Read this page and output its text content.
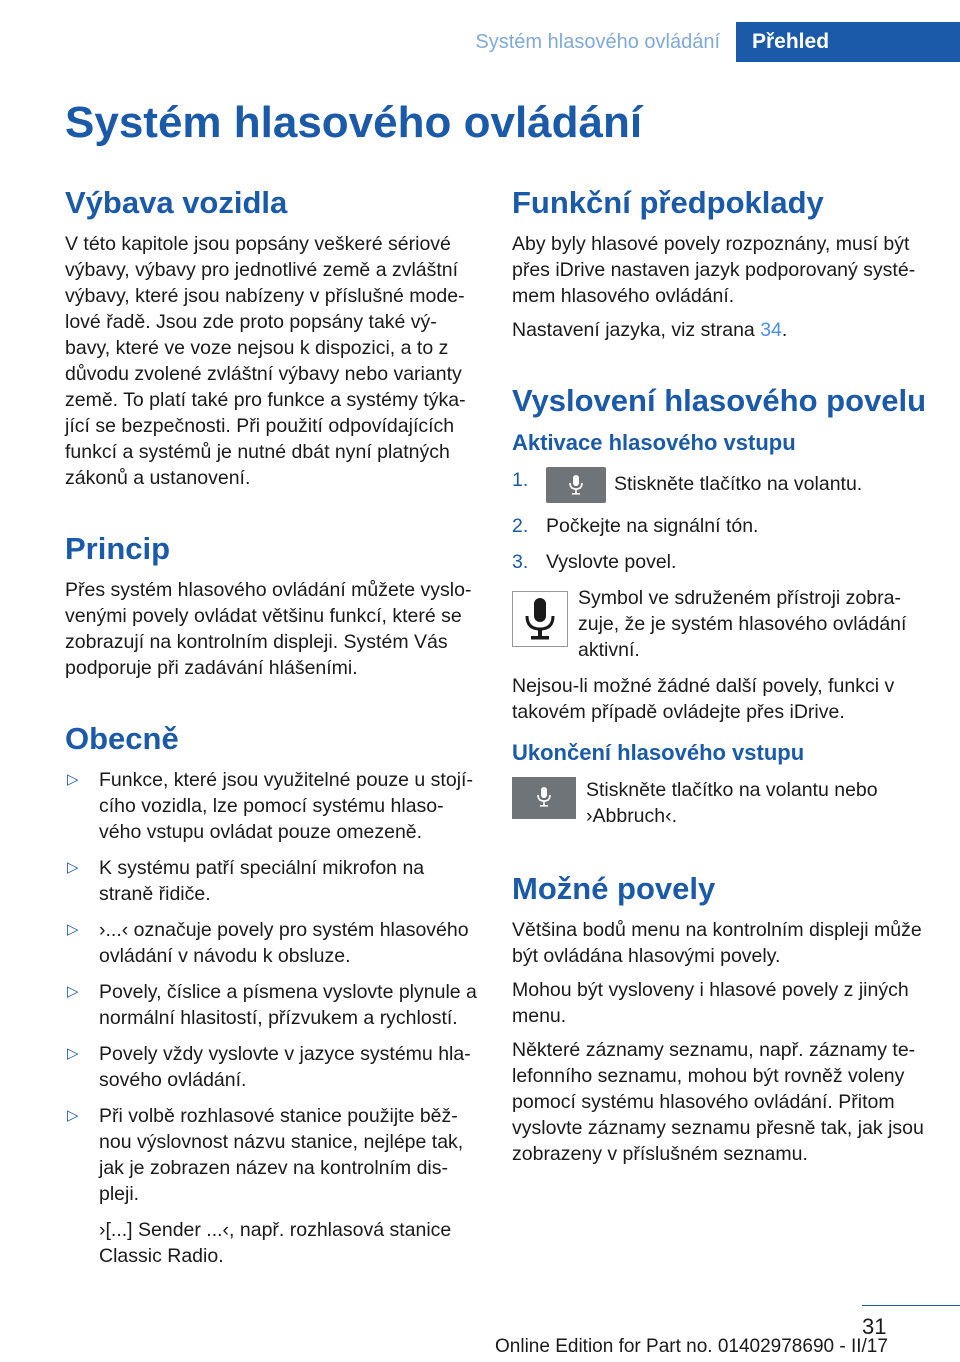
Systém hlasového ovládání	Přehled
Systém hlasového ovládání
Výbava vozidla

V této kapitole jsou popsány veškeré sériové výbavy, výbavy pro jednotlivé země a zvláštní výbavy, které jsou nabízeny v příslušné mode‐lové řadě. Jsou zde proto popsány také vý‐bavy, které ve voze nejsou k dispozici, a to z důvodu zvolené zvláštní výbavy nebo varianty země. To platí také pro funkce a systémy týka‐jící se bezpečnosti. Při použití odpovídajících funkcí a systémů je nutné dbát nyní platných zákonů a ustanovení.

Princip

Přes systém hlasového ovládání můžete vyslo‐venými povely ovládat většinu funkcí, které se zobrazují na kontrolním displeji. Systém Vás podporuje při zadávání hlášeními.

Obecně
▷ Funkce, které jsou využitelné pouze u stojí‐cího vozidla, lze pomocí systému hlaso‐vého vstupu ovládat pouze omezeně.
▷ K systému patří speciální mikrofon na straně řidiče.
▷ ›...‹ označuje povely pro systém hlasového ovládání v návodu k obsluze.
▷ Povely, číslice a písmena vyslovte plynule a normální hlasitostí, přízvukem a rychlostí.
▷ Povely vždy vyslovte v jazyce systému hla‐sového ovládání.
▷ Při volbě rozhlasové stanice použijte běž‐nou výslovnost názvu stanice, nejlépe tak, jak je zobrazen název na kontrolním dis‐pleji.
›[...] Sender ...‹, např. rozhlasová stanice Classic Radio.
Funkční předpoklady

Aby byly hlasové povely rozpoznány, musí být přes iDrive nastaven jazyk podporovaný systé‐mem hlasového ovládání.

Nastavení jazyka, viz strana 34.

Vyslovení hlasového povelu
Aktivace hlasového vstupu
1.	Stiskněte tlačítko na volantu.
2. Počkejte na signální tón.
3. Vyslovte povel.
Symbol ve sdruženém přístroji zobra‐zuje, že je systém hlasového ovládání aktivní.

Nejsou-li možné žádné další povely, funkci v takovém případě ovládejte přes iDrive.

Ukončení hlasového vstupu
Stiskněte tlačítko na volantu nebo ›Abbruch‹.
Možné povely

Většina bodů menu na kontrolním displeji může být ovládána hlasovými povely.

Mohou být vysloveny i hlasové povely z jiných menu.

Některé záznamy seznamu, např. záznamy te‐lefonního seznamu, mohou být rovněž voleny pomocí systému hlasového ovládání. Přitom vyslovte záznamy seznamu přesně tak, jak jsou zobrazeny v příslušném seznamu.

31
Online Edition for Part no. 01402978690 - II/17
